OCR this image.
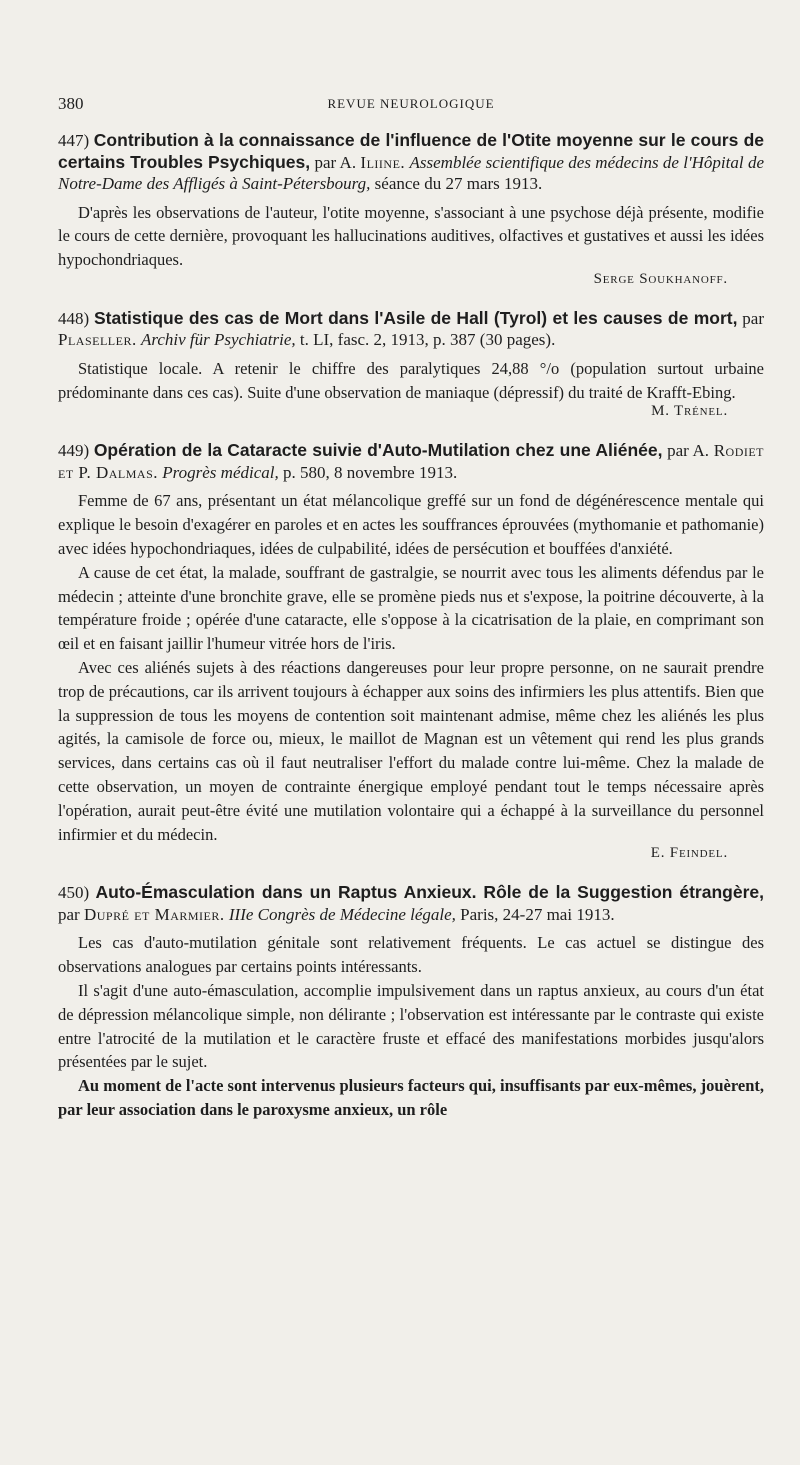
380	REVUE NEUROLOGIQUE
447) Contribution à la connaissance de l'influence de l'Otite moyenne sur le cours de certains Troubles Psychiques, par A. Iliine. Assemblée scientifique des médecins de l'Hôpital de Notre-Dame des Affligés à Saint-Pétersbourg, séance du 27 mars 1913.

D'après les observations de l'auteur, l'otite moyenne, s'associant à une psychose déjà présente, modifie le cours de cette dernière, provoquant les hallucinations auditives, olfactives et gustatives et aussi les idées hypochondriaques.

Serge Soukhanoff.
448) Statistique des cas de Mort dans l'Asile de Hall (Tyrol) et les causes de mort, par Plaseller. Archiv für Psychiatrie, t. LI, fasc. 2, 1913, p. 387 (30 pages).

Statistique locale. A retenir le chiffre des paralytiques 24,88 °/o (population surtout urbaine prédominante dans ces cas). Suite d'une observation de maniaque (dépressif) du traité de Krafft-Ebing.

M. Trénel.
449) Opération de la Cataracte suivie d'Auto-Mutilation chez une Aliénée, par A. Rodiet et P. Dalmas. Progrès médical, p. 580, 8 novembre 1913.

Femme de 67 ans, présentant un état mélancolique greffé sur un fond de dégénérescence mentale qui explique le besoin d'exagérer en paroles et en actes les souffrances éprouvées (mythomanie et pathomanie) avec idées hypochondriaques, idées de culpabilité, idées de persécution et bouffées d'anxiété.

A cause de cet état, la malade, souffrant de gastralgie, se nourrit avec tous les aliments défendus par le médecin ; atteinte d'une bronchite grave, elle se promène pieds nus et s'expose, la poitrine découverte, à la température froide ; opérée d'une cataracte, elle s'oppose à la cicatrisation de la plaie, en comprimant son œil et en faisant jaillir l'humeur vitrée hors de l'iris.

Avec ces aliénés sujets à des réactions dangereuses pour leur propre personne, on ne saurait prendre trop de précautions, car ils arrivent toujours à échapper aux soins des infirmiers les plus attentifs. Bien que la suppression de tous les moyens de contention soit maintenant admise, même chez les aliénés les plus agités, la camisole de force ou, mieux, le maillot de Magnan est un vêtement qui rend les plus grands services, dans certains cas où il faut neutraliser l'effort du malade contre lui-même. Chez la malade de cette observation, un moyen de contrainte énergique employé pendant tout le temps nécessaire après l'opération, aurait peut-être évité une mutilation volontaire qui a échappé à la surveillance du personnel infirmier et du médecin.

E. Feindel.
450) Auto-Émasculation dans un Raptus Anxieux. Rôle de la Suggestion étrangère, par Dupré et Marmier. IIIe Congrès de Médecine légale, Paris, 24-27 mai 1913.

Les cas d'auto-mutilation génitale sont relativement fréquents. Le cas actuel se distingue des observations analogues par certains points intéressants.

Il s'agit d'une auto-émasculation, accomplie impulsivement dans un raptus anxieux, au cours d'un état de dépression mélancolique simple, non délirante ; l'observation est intéressante par le contraste qui existe entre l'atrocité de la mutilation et le caractère fruste et effacé des manifestations morbides jusqu'alors présentées par le sujet.

Au moment de l'acte sont intervenus plusieurs facteurs qui, insuffisants par eux-mêmes, jouèrent, par leur association dans le paroxysme anxieux, un rôle
